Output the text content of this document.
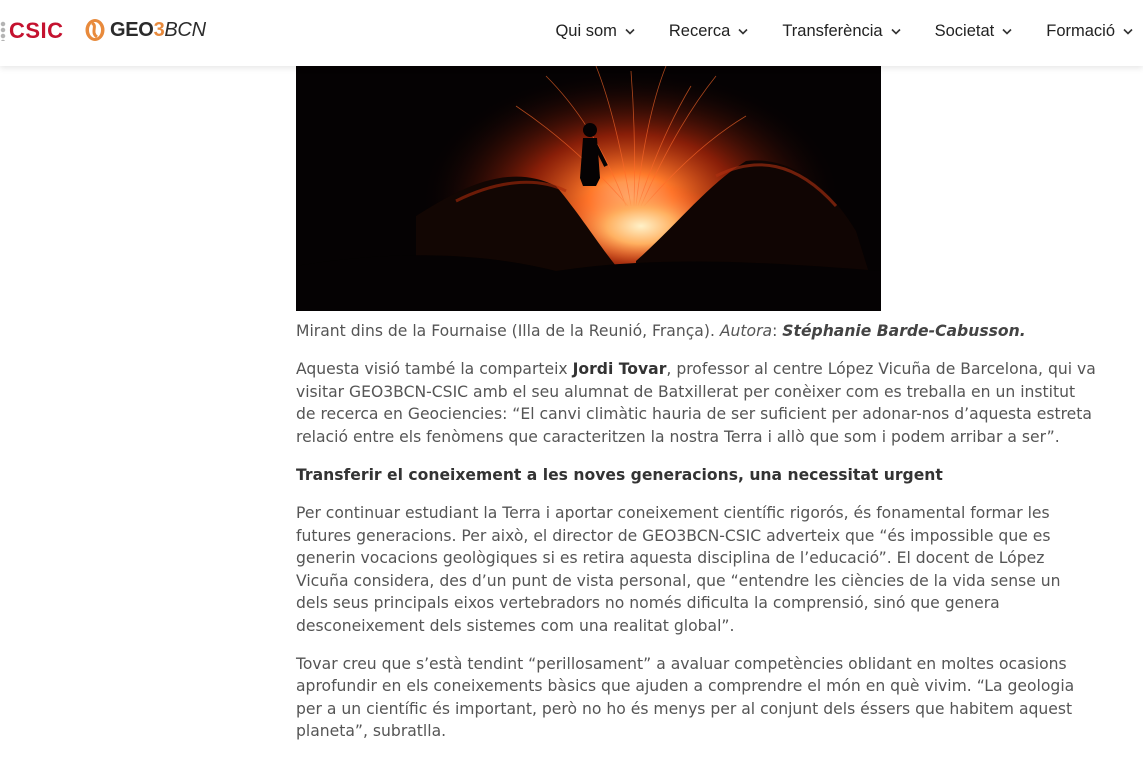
CSIC GEO3BCN	Qui som	Recerca	Transferència	Societat	Formació

Mirant dins de la Fournaise (Illa de la Reunió, França). Autora: Stéphanie Barde-Cabusson.

Aquesta visió també la comparteix Jordi Tovar, professor al centre López Vicuña de Barcelona, qui va visitar GEO3BCN-CSIC amb el seu alumnat de Batxillerat per conèixer com es treballa en un institut de recerca en Geociencies: “El canvi climàtic hauria de ser suficient per adonar-nos d’aquesta estreta relació entre els fenòmens que caracteritzen la nostra Terra i allò que som i podem arribar a ser”.

Transferir el coneixement a les noves generacions, una necessitat urgent

Per continuar estudiant la Terra i aportar coneixement científic rigorós, és fonamental formar les futures generacions. Per això, el director de GEO3BCN-CSIC adverteix que “és impossible que es generin vocacions geològiques si es retira aquesta disciplina de l’educació”. El docent de López Vicuña considera, des d’un punt de vista personal, que “entendre les ciències de la vida sense un dels seus principals eixos vertebradors no només dificulta la comprensió, sinó que genera desconeixement dels sistemes com una realitat global”.

Tovar creu que s’està tendint “perillosament” a avaluar competències oblidant en moltes ocasions aprofundir en els coneixements bàsics que ajuden a comprendre el món en què vivim. “La geologia per a un científic és important, però no ho és menys per al conjunt dels éssers que habitem aquest planeta”, subratlla.
